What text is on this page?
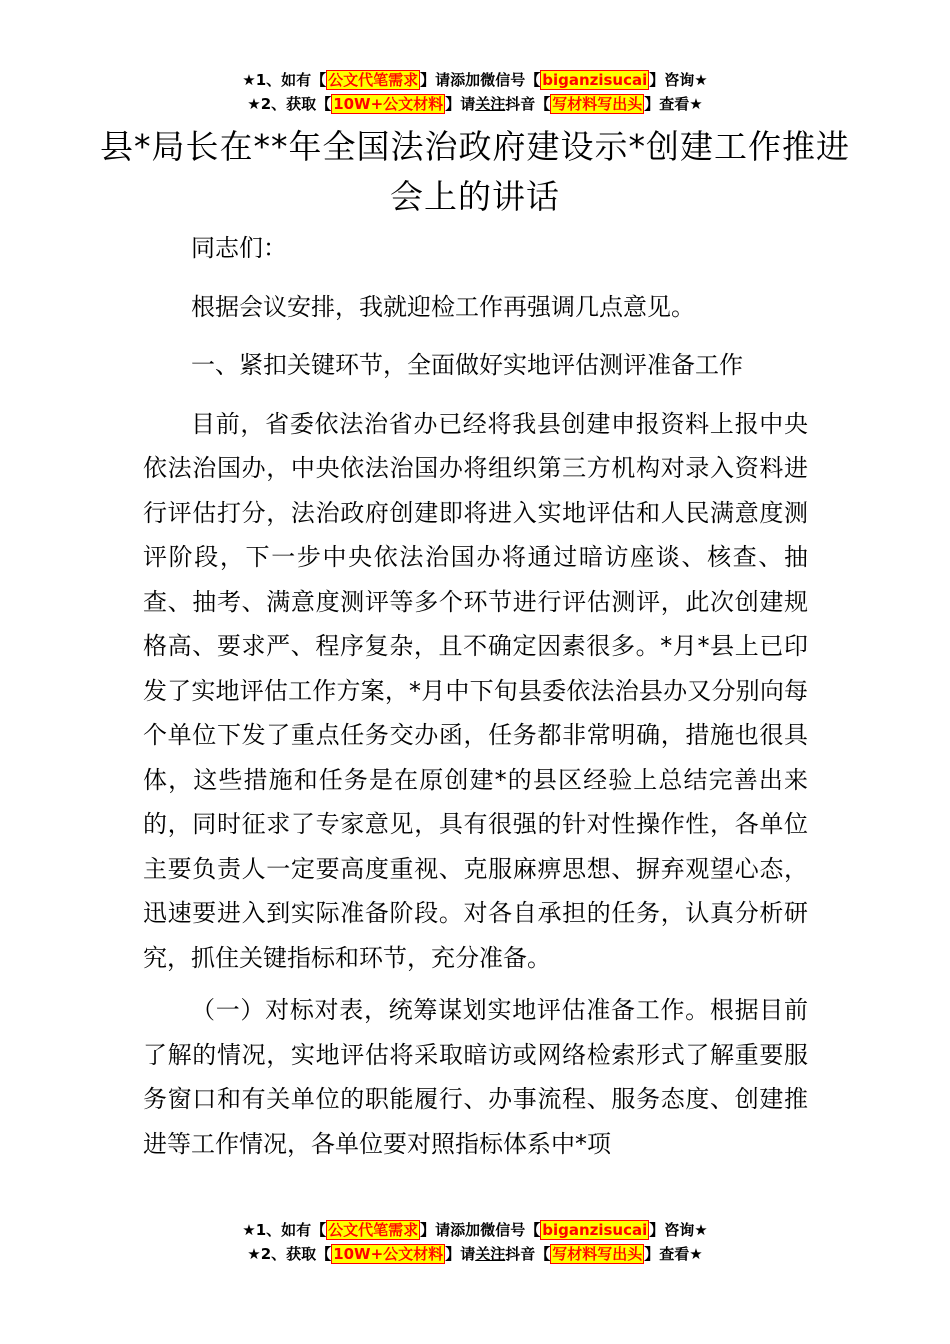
★1、如有【 公文代笔需求 】请添加微信号【 biganzisucai 】咨询★
★2、获取【 10W+公文材料 】请关注抖音【 写材料写出头 】查看★
县*局长在**年全国法治政府建设示*创建工作推进会上的讲话

同志们：

根据会议安排，我就迎检工作再强调几点意见。

一、紧扣关键环节，全面做好实地评估测评准备工作

目前，省委依法治省办已经将我县创建申报资料上报中央依法治国办，中央依法治国办将组织第三方机构对录入资料进行评估打分，法治政府创建即将进入实地评估和人民满意度测评阶段，下一步中央依法治国办将通过暗访座谈、核查、抽查、抽考、满意度测评等多个环节进行评估测评，此次创建规格高、要求严、程序复杂，且不确定因素很多。*月*县上已印发了实地评估工作方案，*月中下旬县委依法治县办又分别向每个单位下发了重点任务交办函，任务都非常明确，措施也很具体，这些措施和任务是在原创建*的县区经验上总结完善出来的，同时征求了专家意见，具有很强的针对性操作性，各单位主要负责人一定要高度重视、克服麻痹思想、摒弃观望心态，迅速要进入到实际准备阶段。对各自承担的任务，认真分析研究，抓住关键指标和环节，充分准备。

（一）对标对表，统筹谋划实地评估准备工作。根据目前了解的情况，实地评估将采取暗访或网络检索形式了解重要服务窗口和有关单位的职能履行、办事流程、服务态度、创建推进等工作情况，各单位要对照指标体系中*项

★1、如有【 公文代笔需求 】请添加微信号【 biganzisucai 】咨询★
★2、获取【 10W+公文材料 】请关注抖音【 写材料写出头 】查看★
